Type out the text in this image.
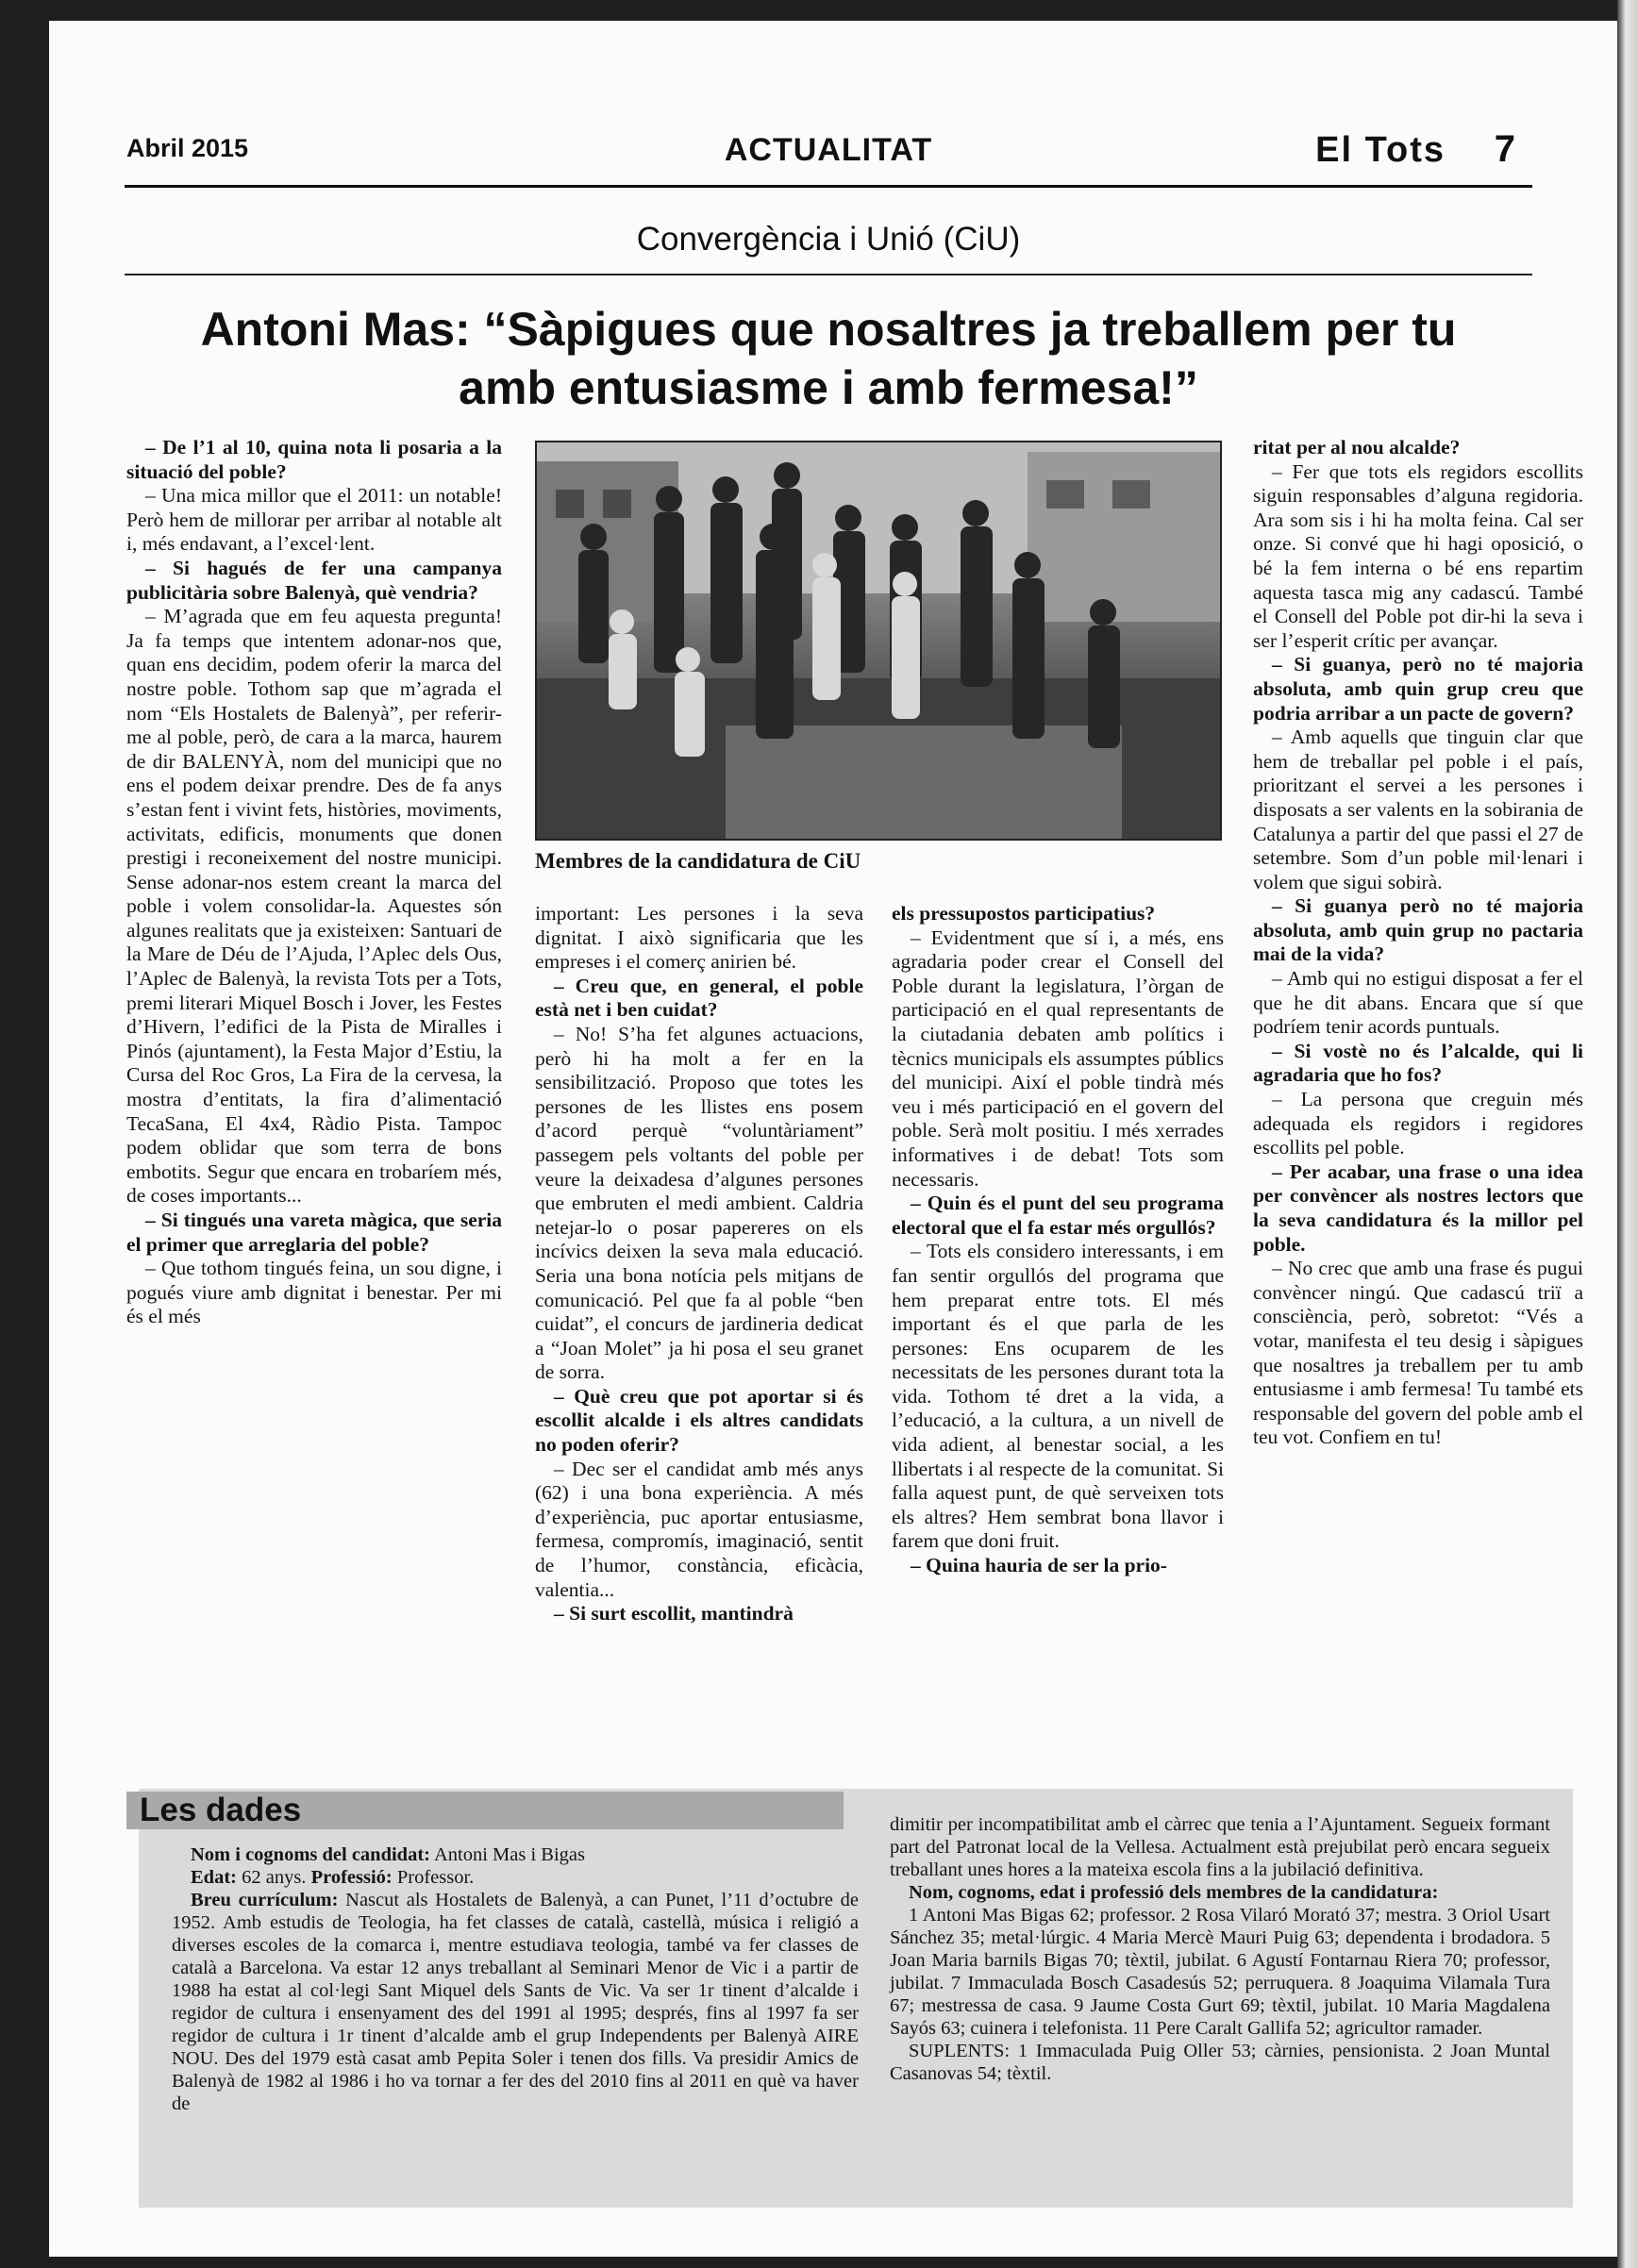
Abril 2015	ACTUALITAT	El Tots 7
Convergència i Unió (CiU)
Antoni Mas: “Sàpigues que nosaltres ja treballem per tu
amb entusiasme i amb fermesa!”

– De l’1 al 10, quina nota li posaria a la situació del poble?

– Una mica millor que el 2011: un notable! Però hem de millorar per arribar al notable alt i, més endavant, a l’excel·lent.

– Si hagués de fer una campanya publicitària sobre Balenyà, què vendria?

– M’agrada que em feu aquesta pregunta! Ja fa temps que intentem adonar-nos que, quan ens decidim, podem oferir la marca del nostre poble. Tothom sap que m’agrada el nom “Els Hostalets de Balenyà”, per referir-me al poble, però, de cara a la marca, haurem de dir BALENYÀ, nom del municipi que no ens el podem deixar prendre. Des de fa anys s’estan fent i vivint fets, històries, moviments, activitats, edificis, monuments que donen prestigi i reconeixement del nostre municipi. Sense adonar-nos estem creant la marca del poble i volem consolidar-la. Aquestes són algunes realitats que ja existeixen: Santuari de la Mare de Déu de l’Ajuda, l’Aplec dels Ous, l’Aplec de Balenyà, la revista Tots per a Tots, premi literari Miquel Bosch i Jover, les Festes d’Hivern, l’edifici de la Pista de Miralles i Pinós (ajuntament), la Festa Major d’Estiu, la Cursa del Roc Gros, La Fira de la cervesa, la mostra d’entitats, la fira d’alimentació TecaSana, El 4x4, Ràdio Pista. Tampoc podem oblidar que som terra de bons embotits. Segur que encara en trobaríem més, de coses importants...

– Si tingués una vareta màgica, que seria el primer que arreglaria del poble?

– Que tothom tingués feina, un sou digne, i pogués viure amb dignitat i benestar. Per mi és el més

Membres de la candidatura de CiU

important: Les persones i la seva dignitat. I això significaria que les empreses i el comerç anirien bé.

– Creu que, en general, el poble està net i ben cuidat?

– No! S’ha fet algunes actuacions, però hi ha molt a fer en la sensibilització. Proposo que totes les persones de les llistes ens posem d’acord perquè “voluntàriament” passegem pels voltants del poble per veure la deixadesa d’algunes persones que embruten el medi ambient. Caldria netejar-lo o posar papereres on els incívics deixen la seva mala educació. Seria una bona notícia pels mitjans de comunicació. Pel que fa al poble “ben cuidat”, el concurs de jardineria dedicat a “Joan Molet” ja hi posa el seu granet de sorra.

– Què creu que pot aportar si és escollit alcalde i els altres candidats no poden oferir?

– Dec ser el candidat amb més anys (62) i una bona experiència. A més d’experiència, puc aportar entusiasme, fermesa, compromís, imaginació, sentit de l’humor, constància, eficàcia, valentia...

– Si surt escollit, mantindrà

els pressupostos participatius?

– Evidentment que sí i, a més, ens agradaria poder crear el Consell del Poble durant la legislatura, l’òrgan de participació en el qual representants de la ciutadania debaten amb polítics i tècnics municipals els assumptes públics del municipi. Així el poble tindrà més veu i més participació en el govern del poble. Serà molt positiu. I més xerrades informatives i de debat! Tots som necessaris.

– Quin és el punt del seu programa electoral que el fa estar més orgullós?

– Tots els considero interessants, i em fan sentir orgullós del programa que hem preparat entre tots. El més important és el que parla de les persones: Ens ocuparem de les necessitats de les persones durant tota la vida. Tothom té dret a la vida, a l’educació, a la cultura, a un nivell de vida adient, al benestar social, a les llibertats i al respecte de la comunitat. Si falla aquest punt, de què serveixen tots els altres? Hem sembrat bona llavor i farem que doni fruit.

– Quina hauria de ser la prio-

ritat per al nou alcalde?

– Fer que tots els regidors escollits siguin responsables d’alguna regidoria. Ara som sis i hi ha molta feina. Cal ser onze. Si convé que hi hagi oposició, o bé la fem interna o bé ens repartim aquesta tasca mig any cadascú. També el Consell del Poble pot dir-hi la seva i ser l’esperit crític per avançar.

– Si guanya, però no té majoria absoluta, amb quin grup creu que podria arribar a un pacte de govern?

– Amb aquells que tinguin clar que hem de treballar pel poble i el país, prioritzant el servei a les persones i disposats a ser valents en la sobirania de Catalunya a partir del que passi el 27 de setembre. Som d’un poble mil·lenari i volem que sigui sobirà.

– Si guanya però no té majoria absoluta, amb quin grup no pactaria mai de la vida?

– Amb qui no estigui disposat a fer el que he dit abans. Encara que sí que podríem tenir acords puntuals.

– Si vostè no és l’alcalde, qui li agradaria que ho fos?

– La persona que creguin més adequada els regidors i regidores escollits pel poble.

– Per acabar, una frase o una idea per convèncer als nostres lectors que la seva candidatura és la millor pel poble.

– No crec que amb una frase és pugui convèncer ningú. Que cadascú triï a consciència, però, sobretot: “Vés a votar, manifesta el teu desig i sàpigues que nosaltres ja treballem per tu amb entusiasme i amb fermesa! Tu també ets responsable del govern del poble amb el teu vot. Confiem en tu!

Les dades

Nom i cognoms del candidat: Antoni Mas i Bigas

Edat: 62 anys. Professió: Professor.

Breu currículum: Nascut als Hostalets de Balenyà, a can Punet, l’11 d’octubre de 1952. Amb estudis de Teologia, ha fet classes de català, castellà, música i religió a diverses escoles de la comarca i, mentre estudiava teologia, també va fer classes de català a Barcelona. Va estar 12 anys treballant al Seminari Menor de Vic i a partir de 1988 ha estat al col·legi Sant Miquel dels Sants de Vic. Va ser 1r tinent d’alcalde i regidor de cultura i ensenyament des del 1991 al 1995; després, fins al 1997 fa ser regidor de cultura i 1r tinent d’alcalde amb el grup Independents per Balenyà AIRE NOU. Des del 1979 està casat amb Pepita Soler i tenen dos fills. Va presidir Amics de Balenyà de 1982 al 1986 i ho va tornar a fer des del 2010 fins al 2011 en què va haver de

dimitir per incompatibilitat amb el càrrec que tenia a l’Ajuntament. Segueix formant part del Patronat local de la Vellesa. Actualment està prejubilat però encara segueix treballant unes hores a la mateixa escola fins a la jubilació definitiva.

Nom, cognoms, edat i professió dels membres de la candidatura:

1 Antoni Mas Bigas 62; professor. 2 Rosa Vilaró Morató 37; mestra. 3 Oriol Usart Sánchez 35; metal·lúrgic. 4 Maria Mercè Mauri Puig 63; dependenta i brodadora. 5 Joan Maria barnils Bigas 70; tèxtil, jubilat. 6 Agustí Fontarnau Riera 70; professor, jubilat. 7 Immaculada Bosch Casadesús 52; perruquera. 8 Joaquima Vilamala Tura 67; mestressa de casa. 9 Jaume Costa Gurt 69; tèxtil, jubilat. 10 Maria Magdalena Sayós 63; cuinera i telefonista. 11 Pere Caralt Gallifa 52; agricultor ramader.

SUPLENTS: 1 Immaculada Puig Oller 53; càrnies, pensionista. 2 Joan Muntal Casanovas 54; tèxtil.
